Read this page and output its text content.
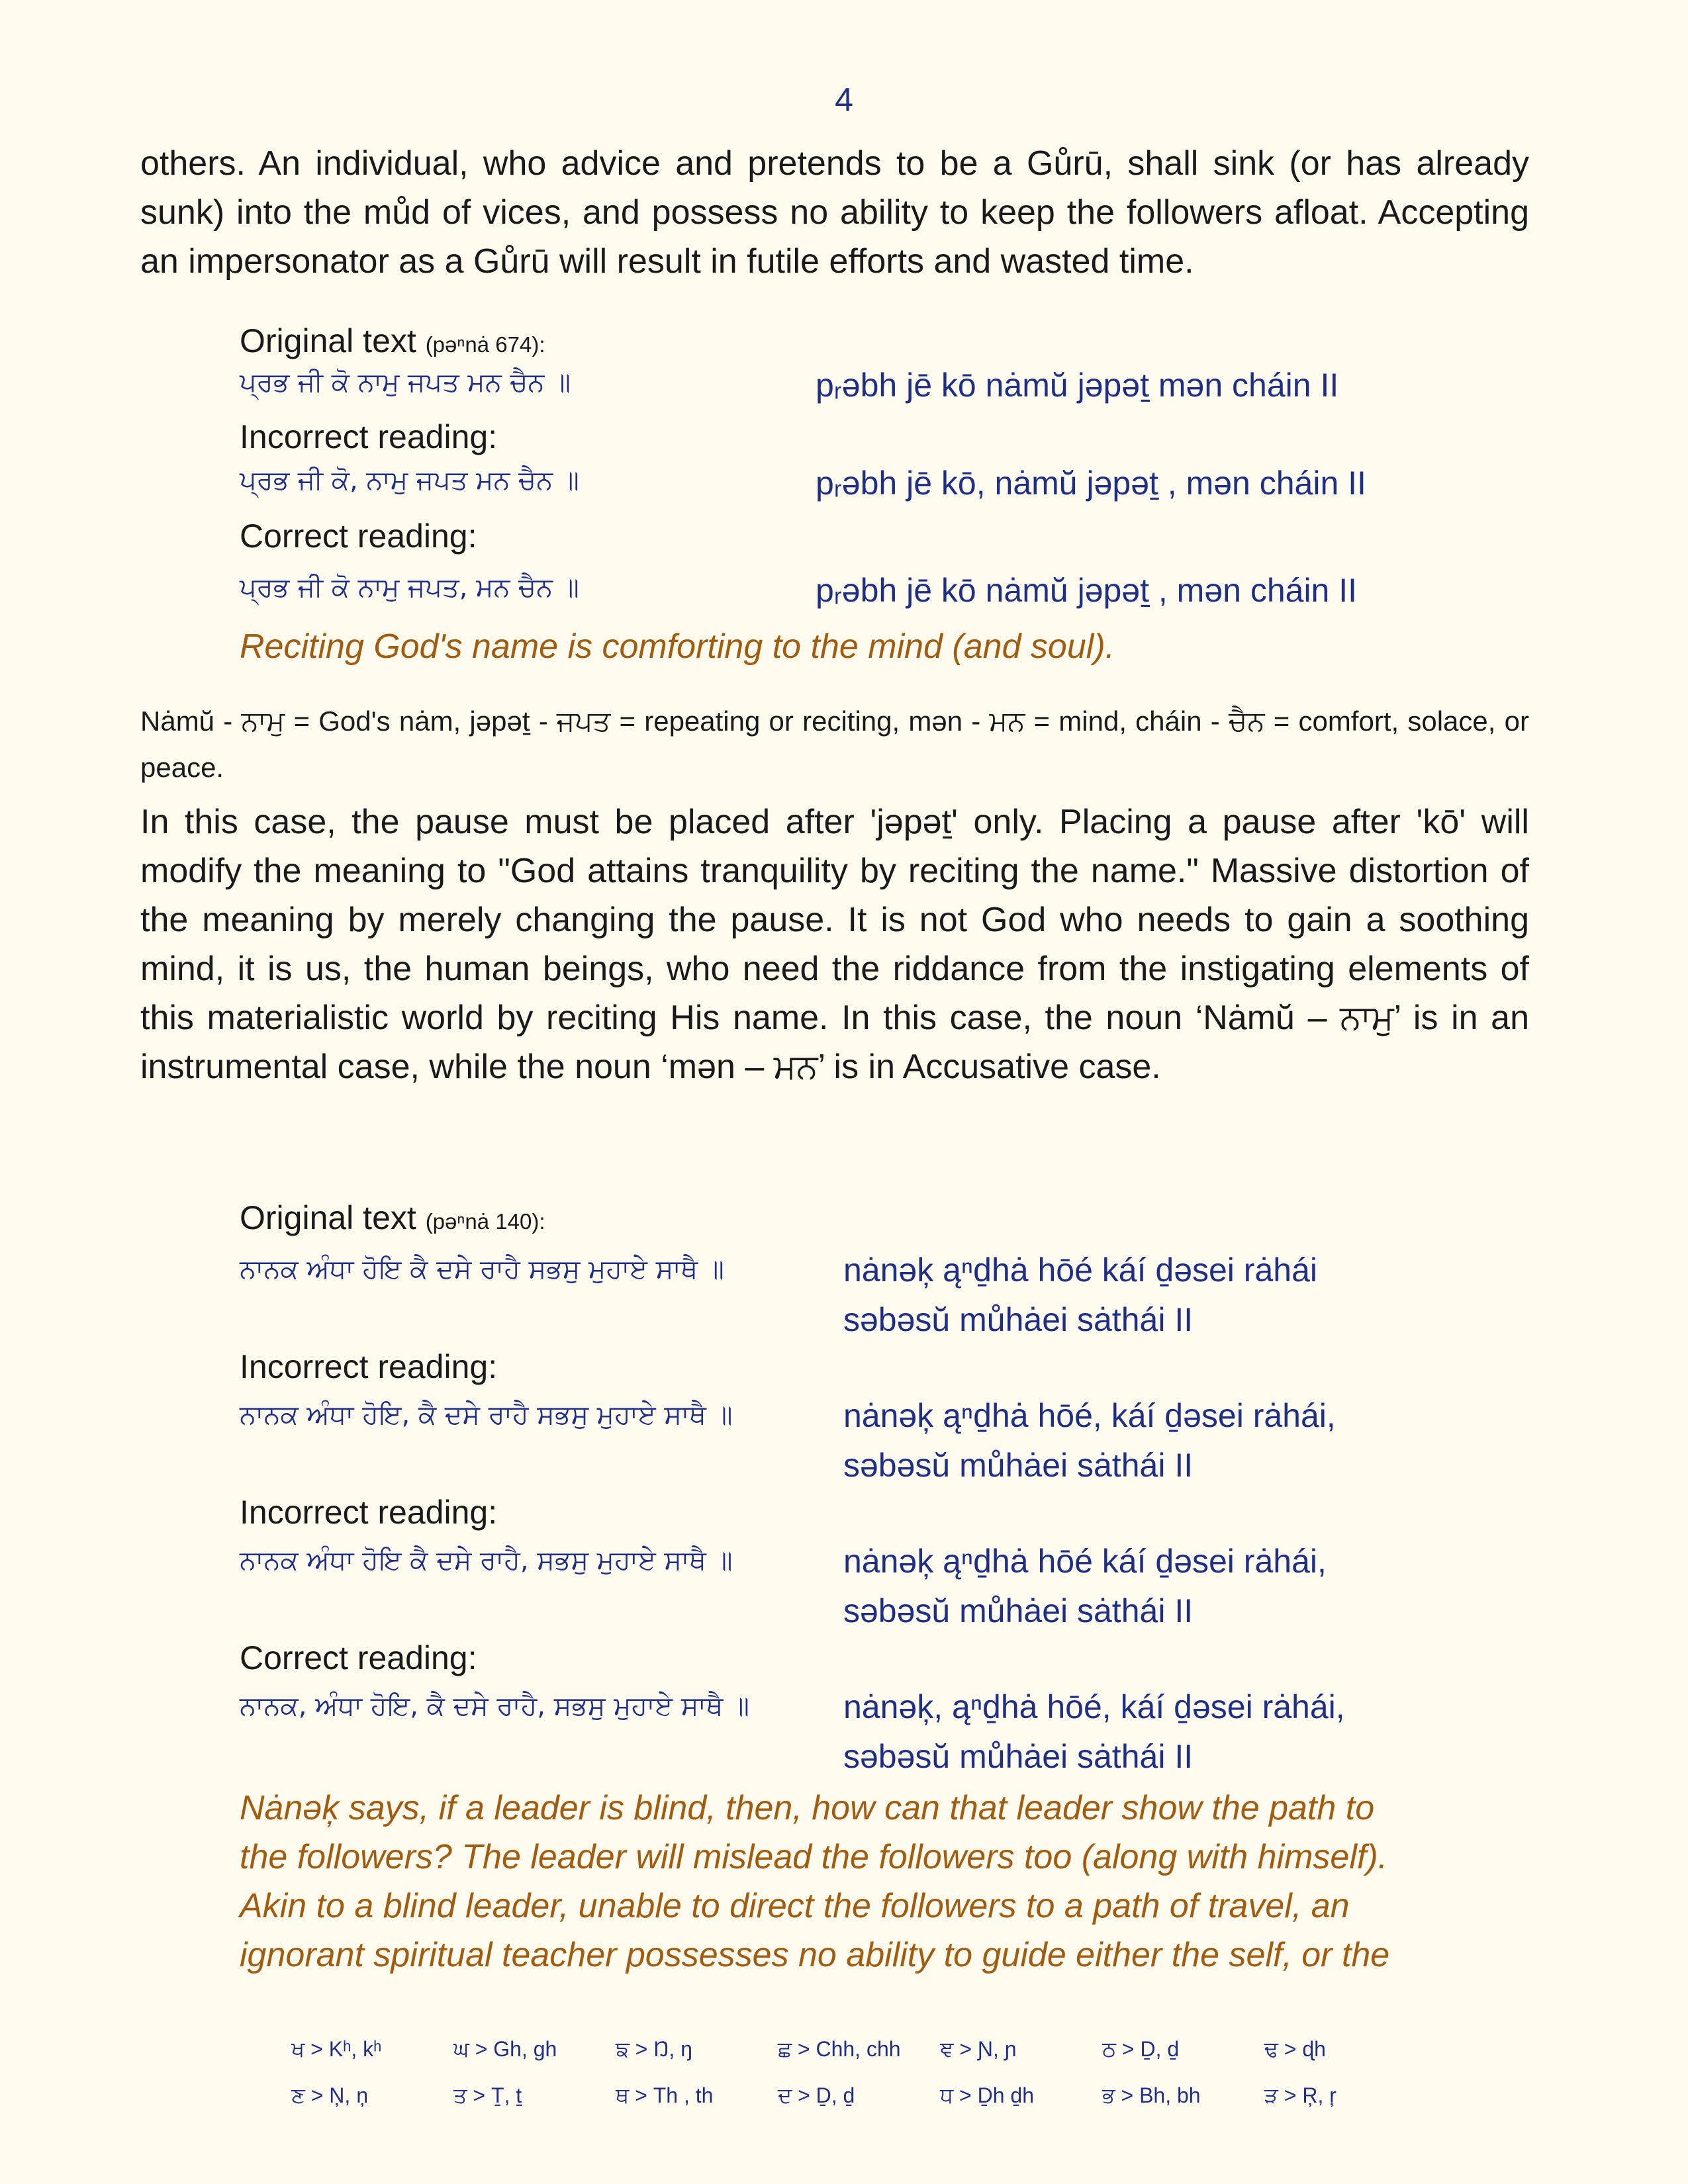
4
others. An individual, who advice and pretends to be a Gůrū, shall sink (or has already sunk) into the můd of vices, and possess no ability to keep the followers afloat. Accepting an impersonator as a Gůrū will result in futile efforts and wasted time.
Original text (pəⁿnȧ 674):
ਪ੍ਰਭ ਜੀ ਕੋ ਨਾਮੁ ਜਪਤ ਮਨ ਚੈਨ ॥	pᵣəbh jē kō nȧmŭ jəpəṯ mən cháin II
Incorrect reading:
ਪ੍ਰਭ ਜੀ ਕੋ, ਨਾਮੁ ਜਪਤ ਮਨ ਚੈਨ ॥	pᵣəbh jē kō, nȧmŭ jəpəṯ , mən cháin II
Correct reading:
ਪ੍ਰਭ ਜੀ ਕੋ ਨਾਮੁ ਜਪਤ, ਮਨ ਚੈਨ ॥	pᵣəbh jē kō nȧmŭ jəpəṯ , mən cháin II
Reciting God's name is comforting to the mind (and soul).
Nȧmŭ - ਨਾਮੁ = God's nȧm, jəpəṯ - ਜਪਤ = repeating or reciting, mən - ਮਨ = mind, cháin - ਚੈਨ = comfort, solace, or peace.
In this case, the pause must be placed after 'jəpəṯ' only. Placing a pause after 'kō' will modify the meaning to "God attains tranquility by reciting the name." Massive distortion of the meaning by merely changing the pause. It is not God who needs to gain a soothing mind, it is us, the human beings, who need the riddance from the instigating elements of this materialistic world by reciting His name. In this case, the noun ‘Nȧmŭ – ਨਾਮੁ’ is in an instrumental case, while the noun ‘mən – ਮਨ’ is in Accusative case.
Original text (pəⁿnȧ 140):
ਨਾਨਕ ਅੰਧਾ ਹੋਇ ਕੈ ਦਸੇ ਰਾਹੈ ਸਭਸੁ ਮੁਹਾਏ ਸਾਥੈ ॥	nȧnəķ ąⁿḏhȧ hōé káí ḏəsei rȧhái
səbəsŭ můhȧei sȧthái II
Incorrect reading:
ਨਾਨਕ ਅੰਧਾ ਹੋਇ, ਕੈ ਦਸੇ ਰਾਹੈ ਸਭਸੁ ਮੁਹਾਏ ਸਾਥੈ ॥	nȧnəķ ąⁿḏhȧ hōé, káí ḏəsei rȧhái,
səbəsŭ můhȧei sȧthái II
Incorrect reading:
ਨਾਨਕ ਅੰਧਾ ਹੋਇ ਕੈ ਦਸੇ ਰਾਹੈ, ਸਭਸੁ ਮੁਹਾਏ ਸਾਥੈ ॥	nȧnəķ ąⁿḏhȧ hōé káí ḏəsei rȧhái,
səbəsŭ můhȧei sȧthái II
Correct reading:
ਨਾਨਕ, ਅੰਧਾ ਹੋਇ, ਕੈ ਦਸੇ ਰਾਹੈ, ਸਭਸੁ ਮੁਹਾਏ ਸਾਥੈ ॥	nȧnəķ, ąⁿḏhȧ hōé, káí ḏəsei rȧhái,
səbəsŭ můhȧei sȧthái II
Nȧnəķ says, if a leader is blind, then, how can that leader show the path to the followers? The leader will mislead the followers too (along with himself). Akin to a blind leader, unable to direct the followers to a path of travel, an ignorant spiritual teacher possesses no ability to guide either the self, or the
ਖ > Kʰ, kʰ	ਘ > Gh, gh	ਙ > Ŋ, ŋ	ਛ > Chh, chh ਞ > Ɲ, ɲ	ਠ > Ḏ, ḏ	ਢ > ɖh
ਣ > Ņ, ņ	ਤ > Ṯ, ṯ	ਥ > Th , th	ਦ > Ḏ, ḏ	ਧ > Ḏh ḏh	ਭ > Bh, bh	ੜ > Ŗ, ŗ
